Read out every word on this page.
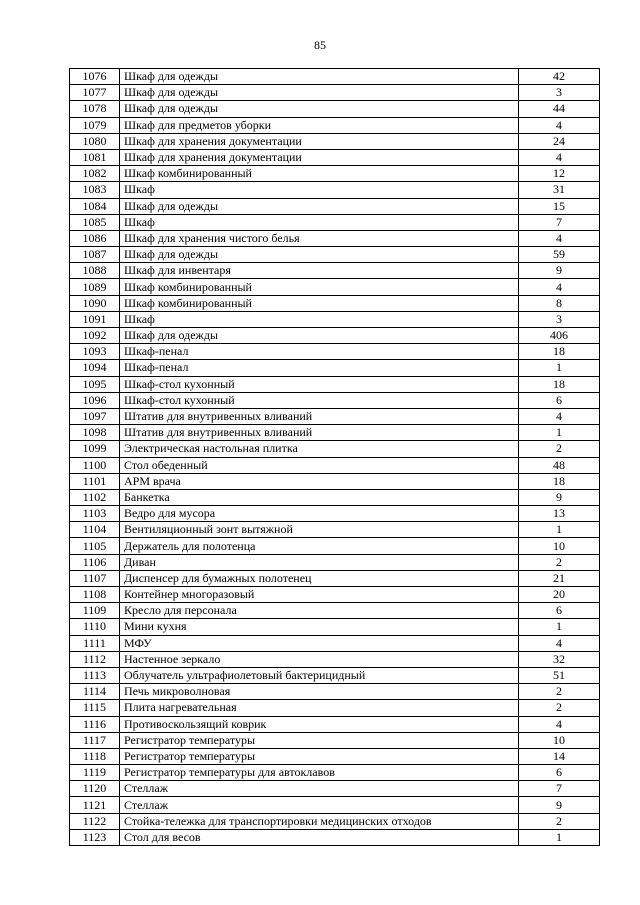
85
1076	Шкаф для одежды	42
1077	Шкаф для одежды	3
1078	Шкаф для одежды	44
1079	Шкаф для предметов уборки	4
1080	Шкаф для хранения документации	24
1081	Шкаф для хранения документации	4
1082	Шкаф комбинированный	12
1083	Шкаф	31
1084	Шкаф для одежды	15
1085	Шкаф	7
1086	Шкаф для хранения чистого белья	4
1087	Шкаф для одежды	59
1088	Шкаф для инвентаря	9
1089	Шкаф комбинированный	4
1090	Шкаф комбинированный	8
1091	Шкаф	3
1092	Шкаф для одежды	406
1093	Шкаф-пенал	18
1094	Шкаф-пенал	1
1095	Шкаф-стол кухонный	18
1096	Шкаф-стол кухонный	6
1097	Штатив для внутривенных вливаний	4
1098	Штатив для внутривенных вливаний	1
1099	Электрическая настольная плитка	2
1100	Стол обеденный	48
1101	АРМ врача	18
1102	Банкетка	9
1103	Ведро для мусора	13
1104	Вентиляционный зонт вытяжной	1
1105	Держатель для полотенца	10
1106	Диван	2
1107	Диспенсер для бумажных полотенец	21
1108	Контейнер многоразовый	20
1109	Кресло для персонала	6
1110	Мини кухня	1
1111	МФУ	4
1112	Настенное зеркало	32
1113	Облучатель ультрафиолетовый бактерицидный	51
1114	Печь микроволновая	2
1115	Плита нагревательная	2
1116	Противоскользящий коврик	4
1117	Регистратор температуры	10
1118	Регистратор температуры	14
1119	Регистратор температуры для автоклавов	6
1120	Стеллаж	7
1121	Стеллаж	9
1122	Стойка-тележка для транспортировки медицинских отходов	2
1123	Стол для весов	1
